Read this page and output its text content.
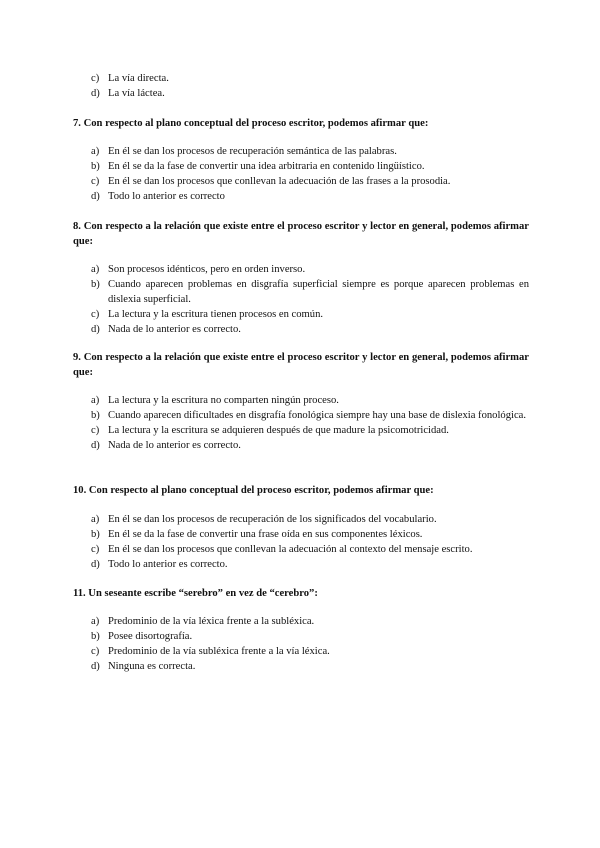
c) La vía directa.
d) La vía láctea.

7. Con respecto al plano conceptual del proceso escritor, podemos afirmar que:

a) En él se dan los procesos de recuperación semántica de las palabras.
b) En él se da la fase de convertir una idea arbitraria en contenido lingüístico.
c) En él se dan los procesos que conllevan la adecuación de las frases a la prosodia.
d) Todo lo anterior es correcto

8. Con respecto a la relación que existe entre el proceso escritor y lector en general, podemos afirmar que:

a) Son procesos idénticos, pero en orden inverso.
b) Cuando aparecen problemas en disgrafía superficial siempre es porque aparecen problemas en dislexia superficial.
c) La lectura y la escritura tienen procesos en común.
d) Nada de lo anterior es correcto.

9. Con respecto a la relación que existe entre el proceso escritor y lector en general, podemos afirmar que:

a) La lectura y la escritura no comparten ningún proceso.
b) Cuando aparecen dificultades en disgrafía fonológica siempre hay una base de dislexia fonológica.
c) La lectura y la escritura se adquieren después de que madure la psicomotricidad.
d) Nada de lo anterior es correcto.

10. Con respecto al plano conceptual del proceso escritor, podemos afirmar que:

a) En él se dan los procesos de recuperación de los significados del vocabulario.
b) En él se da la fase de convertir una frase oída en sus componentes léxicos.
c) En él se dan los procesos que conllevan la adecuación al contexto del mensaje escrito.
d) Todo lo anterior es correcto.

11. Un seseante escribe “serebro” en vez de “cerebro”:

a) Predominio de la vía léxica frente a la subléxica.
b) Posee disortografía.
c) Predominio de la vía subléxica frente a la vía léxica.
d) Ninguna es correcta.
